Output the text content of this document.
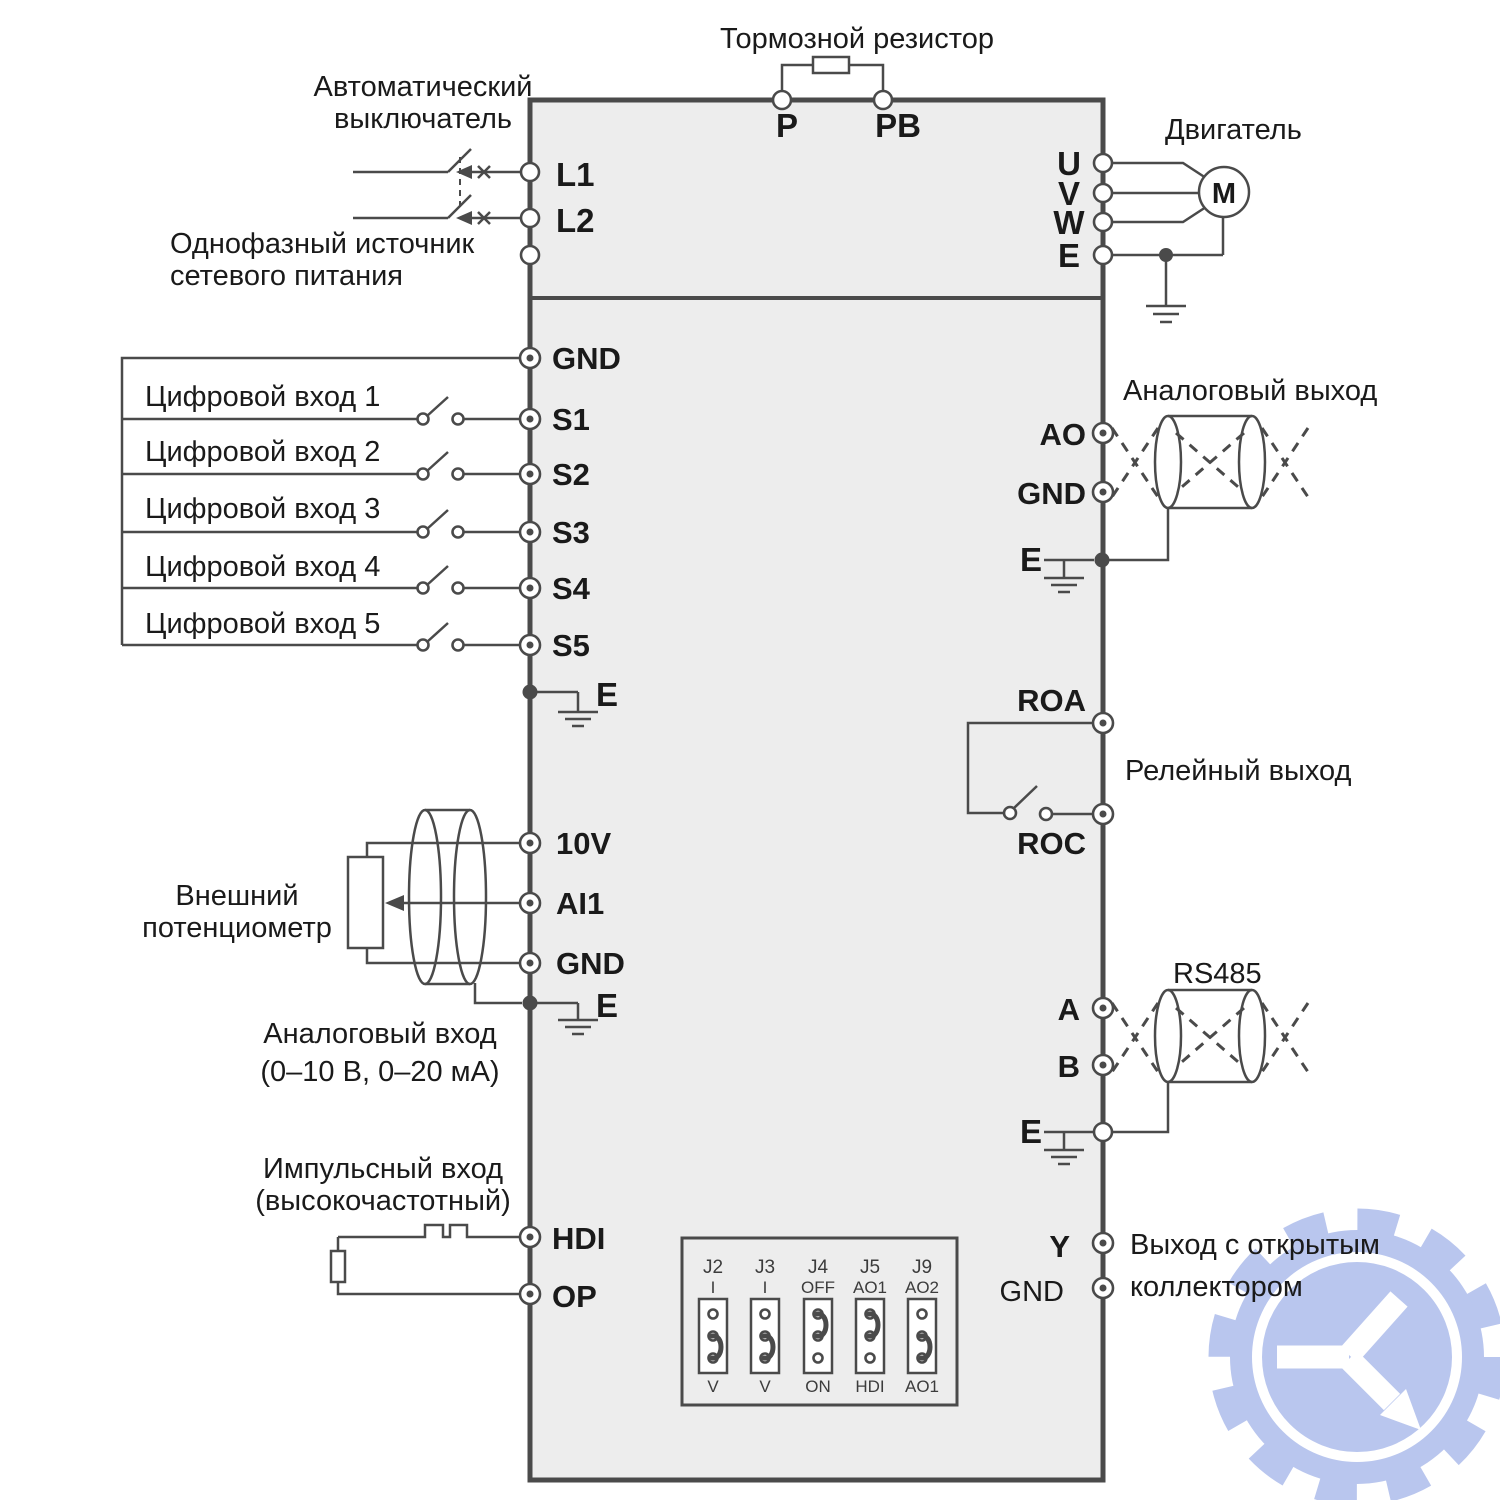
Тормозной резистор
Автоматический
выключатель
Однофазный источник
сетевого питания
M
Двигатель
Цифровой вход 1
Цифровой вход 2
Цифровой вход 3
Цифровой вход 4
Цифровой вход 5
Внешний
потенциометр
Аналоговый вход
(0–10 В, 0–20 мА)
Импульсный вход
(высокочастотный)
Аналоговый выход
Релейный выход
RS485
Выход с открытым
коллектором
J2
I
V
J3
I
V
J4
OFF
ON
J5
AO1
HDI
J9
AO2
AO1
P PB
L1
L2
U
V
W
E
GND
S1
S2
S3
S4
S5
E
10V
AI1
GND
E
HDI
OP
AO
GND
E
ROA
ROC
A
B
E
Y
GND
